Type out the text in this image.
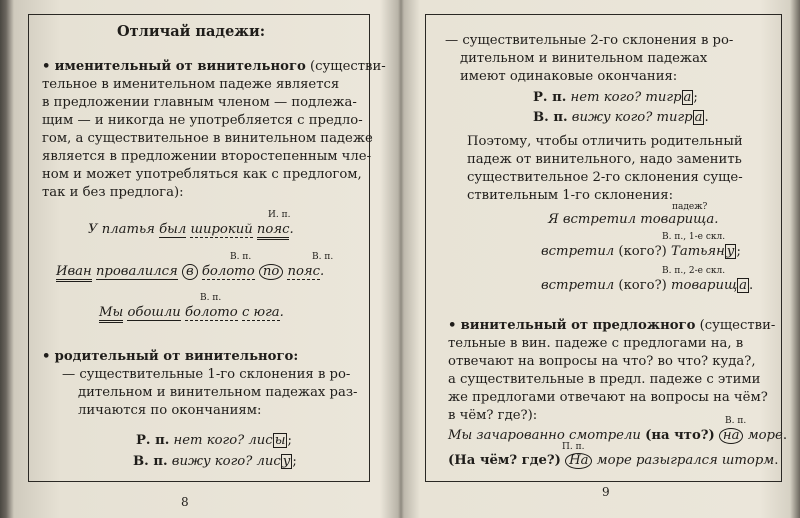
Отличай падежи:
• именительный от винительного (существи-
тельное в именительном падеже является
в предложении главным членом — подлежа-
щим — и никогда не употребляется с предло-
гом, а существительное в винительном падеже
является в предложении второстепенным чле-
ном и может употребляться как с предлогом,
так и без предлога):
И. п.
У платья был широкий пояс.
В. п.	В. п.
Иван провалился в болото по пояс.
В. п.
Мы обошли болото с юга.
• родительный от винительного:
— существительные 1-го склонения в ро-
дительном и винительном падежах раз-
личаются по окончаниям:
Р. п. нет кого? лис ы ;
В. п. вижу кого? лис у ;
8
— существительные 2-го склонения в ро-
дительном и винительном падежах
имеют одинаковые окончания:
Р. п. нет кого? тигр а ;
В. п. вижу кого? тигр а .
Поэтому, чтобы отличить родительный
падеж от винительного, надо заменить
существительное 2-го склонения суще-
ствительным 1-го склонения:
падеж?
Я встретил товарища.
В. п., 1-е скл.
встретил (кого?) Татьян у ;
В. п., 2-е скл.
встретил (кого?) товарищ а .
• винительный от предложного (существи-
тельные в вин. падеже с предлогами на, в
отвечают на вопросы на что? во что? куда?,
а существительные в предл. падеже с этими
же предлогами отвечают на вопросы на чём?
в чём? где?):	В. п.
Мы зачарованно смотрели (на что?) на море.
П. п.
(На чём? где?) На море разыгрался шторм.
9
